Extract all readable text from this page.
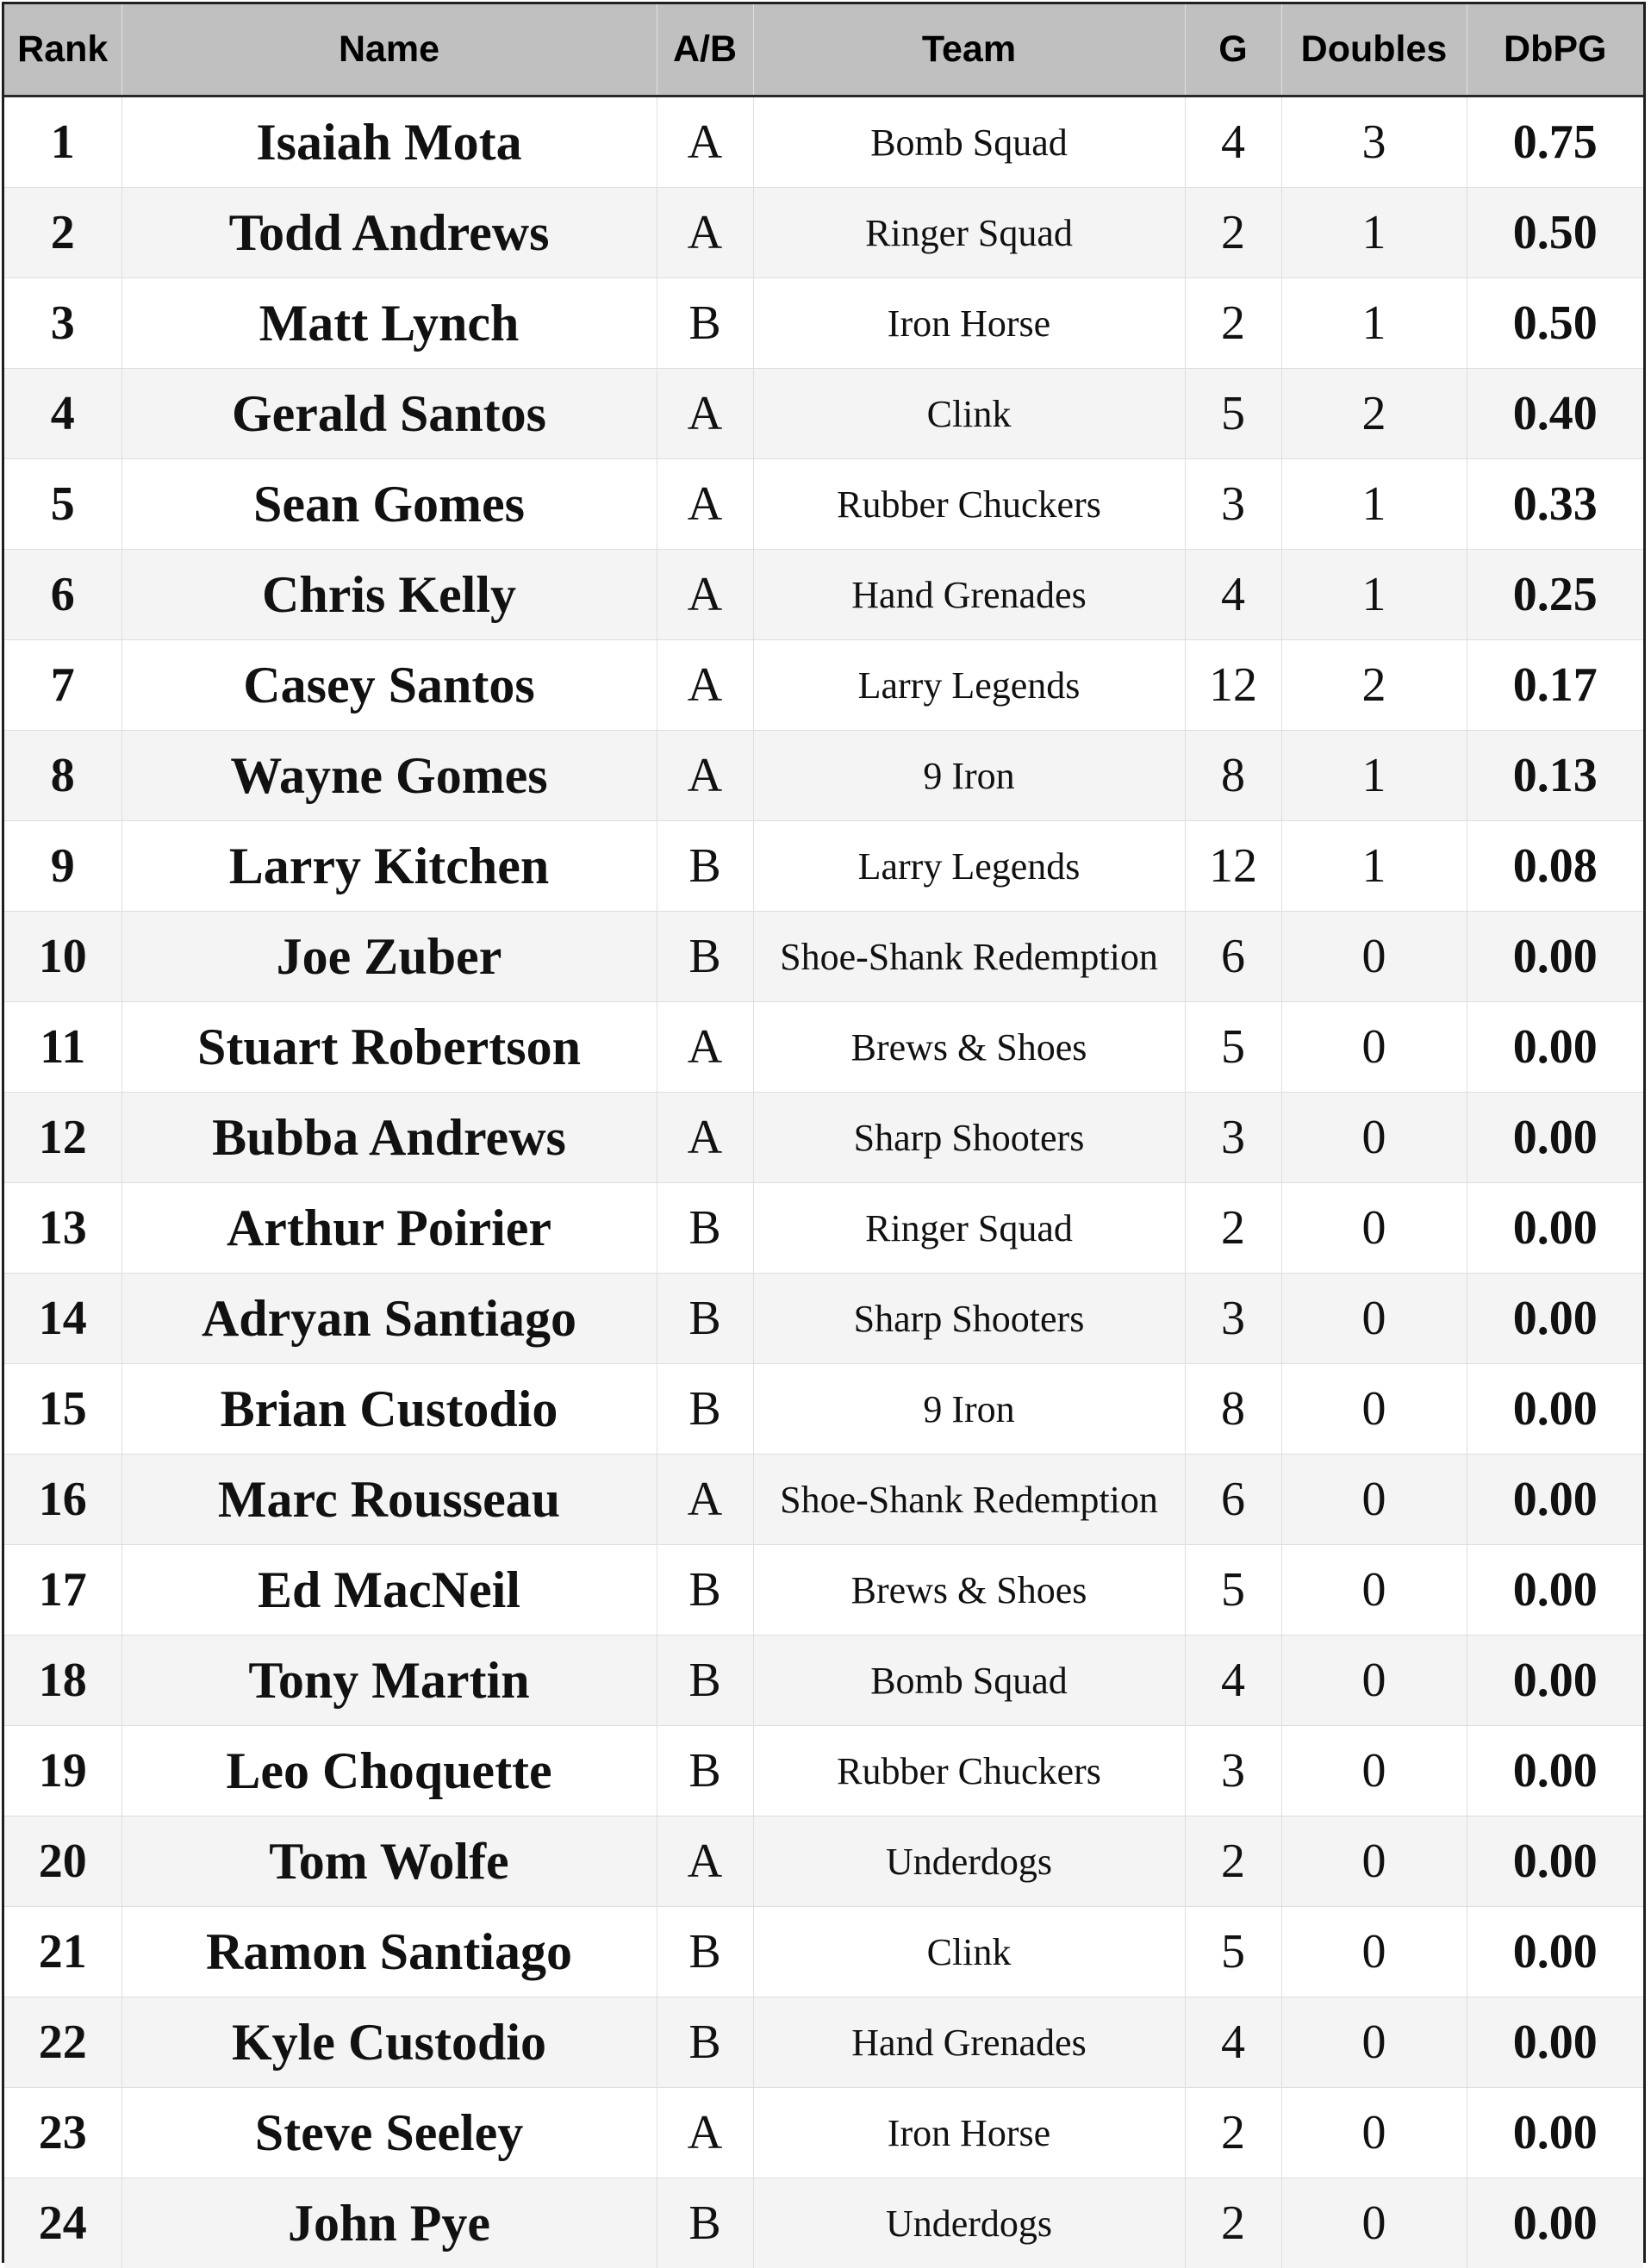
Rank	Name	A/B	Team	G	Doubles	DbPG
1	Isaiah Mota	A	Bomb Squad	4	3	0.75
2	Todd Andrews	A	Ringer Squad	2	1	0.50
3	Matt Lynch	B	Iron Horse	2	1	0.50
4	Gerald Santos	A	Clink	5	2	0.40
5	Sean Gomes	A	Rubber Chuckers	3	1	0.33
6	Chris Kelly	A	Hand Grenades	4	1	0.25
7	Casey Santos	A	Larry Legends	12	2	0.17
8	Wayne Gomes	A	9 Iron	8	1	0.13
9	Larry Kitchen	B	Larry Legends	12	1	0.08
10	Joe Zuber	B	Shoe-Shank Redemption	6	0	0.00
11	Stuart Robertson	A	Brews & Shoes	5	0	0.00
12	Bubba Andrews	A	Sharp Shooters	3	0	0.00
13	Arthur Poirier	B	Ringer Squad	2	0	0.00
14	Adryan Santiago	B	Sharp Shooters	3	0	0.00
15	Brian Custodio	B	9 Iron	8	0	0.00
16	Marc Rousseau	A	Shoe-Shank Redemption	6	0	0.00
17	Ed MacNeil	B	Brews & Shoes	5	0	0.00
18	Tony Martin	B	Bomb Squad	4	0	0.00
19	Leo Choquette	B	Rubber Chuckers	3	0	0.00
20	Tom Wolfe	A	Underdogs	2	0	0.00
21	Ramon Santiago	B	Clink	5	0	0.00
22	Kyle Custodio	B	Hand Grenades	4	0	0.00
23	Steve Seeley	A	Iron Horse	2	0	0.00
24	John Pye	B	Underdogs	2	0	0.00
